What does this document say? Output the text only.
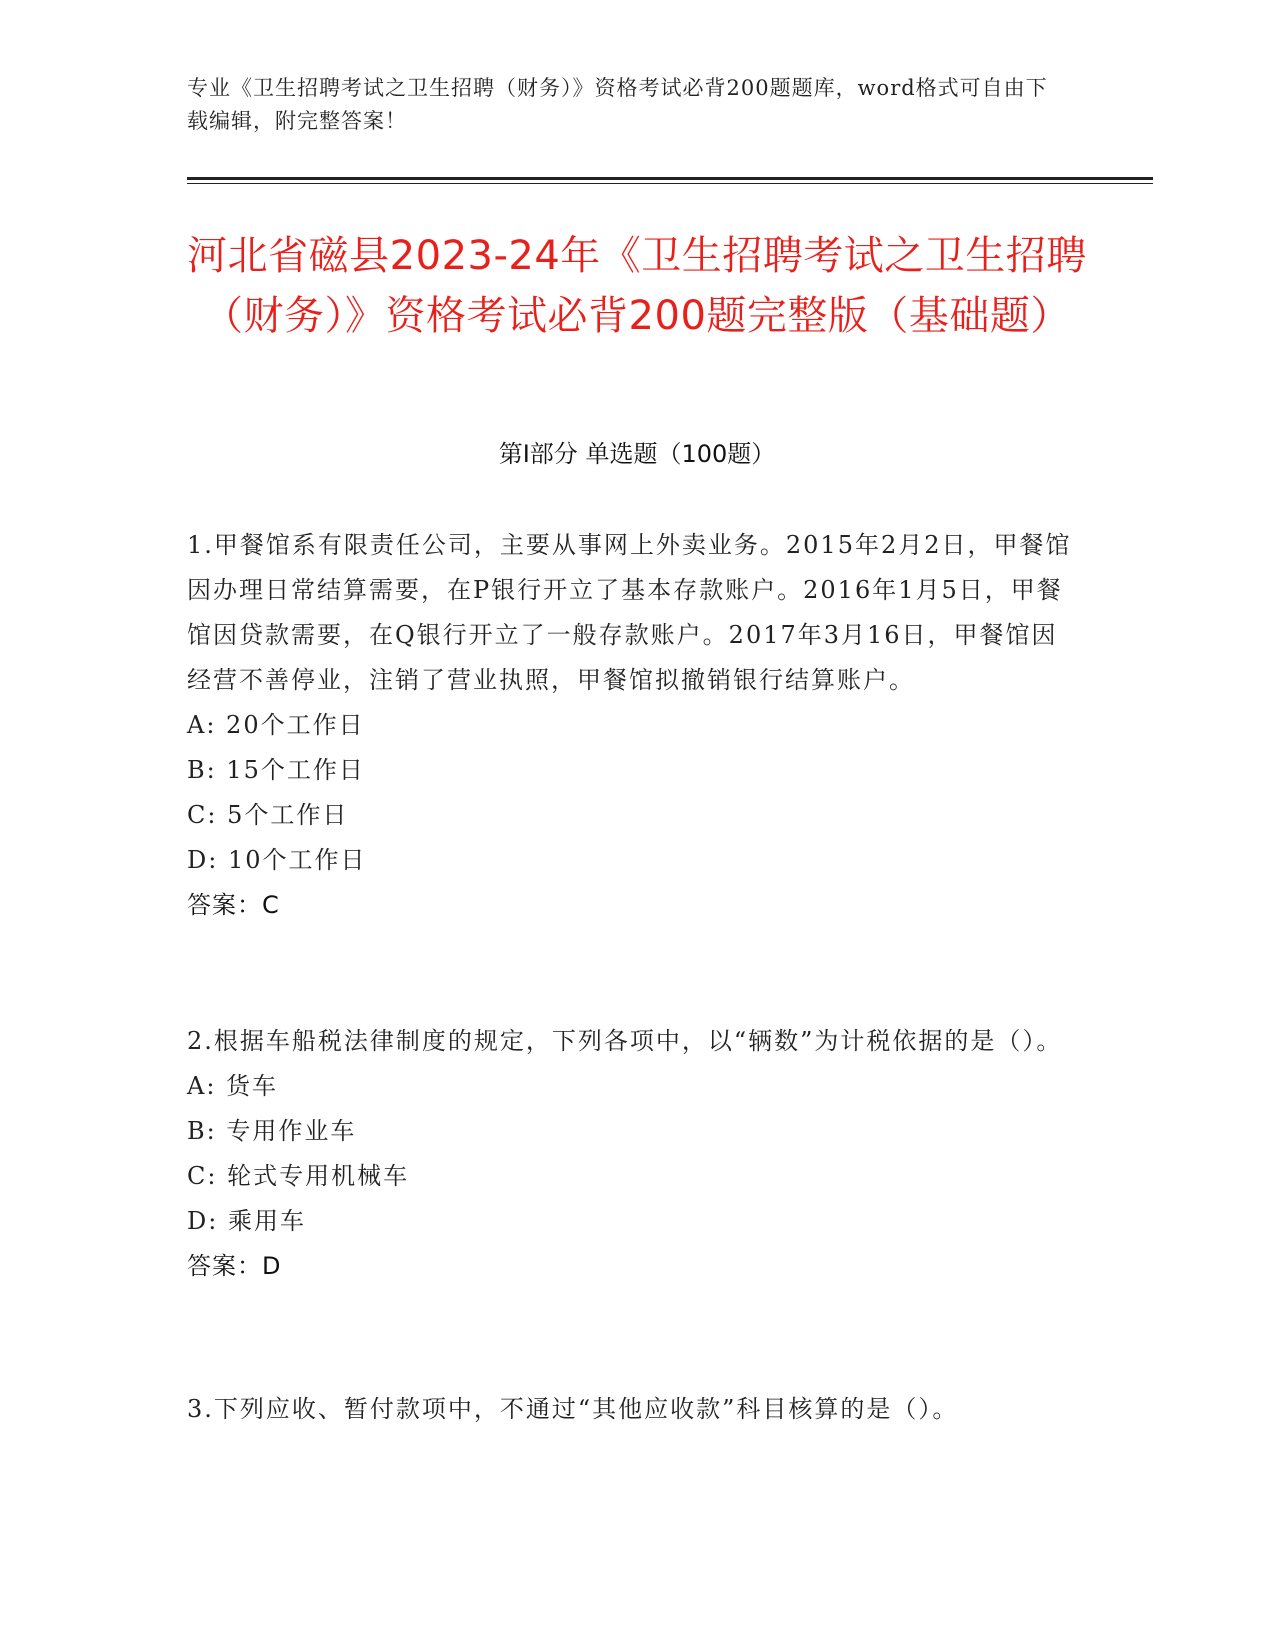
专业《卫生招聘考试之卫生招聘（财务）》资格考试必背200题题库，word格式可自由下载编辑，附完整答案！
河北省磁县2023-24年《卫生招聘考试之卫生招聘（财务）》资格考试必背200题完整版（基础题）
第I部分 单选题（100题）
1.甲餐馆系有限责任公司，主要从事网上外卖业务。2015年2月2日，甲餐馆因办理日常结算需要，在P银行开立了基本存款账户。2016年1月5日，甲餐馆因贷款需要，在Q银行开立了一般存款账户。2017年3月16日，甲餐馆因经营不善停业，注销了营业执照，甲餐馆拟撤销银行结算账户。
A: 20个工作日
B: 15个工作日
C: 5个工作日
D: 10个工作日
答案：C
2.根据车船税法律制度的规定，下列各项中，以“辆数”为计税依据的是（）。
A: 货车
B: 专用作业车
C: 轮式专用机械车
D: 乘用车
答案：D
3.下列应收、暂付款项中，不通过“其他应收款”科目核算的是（）。
